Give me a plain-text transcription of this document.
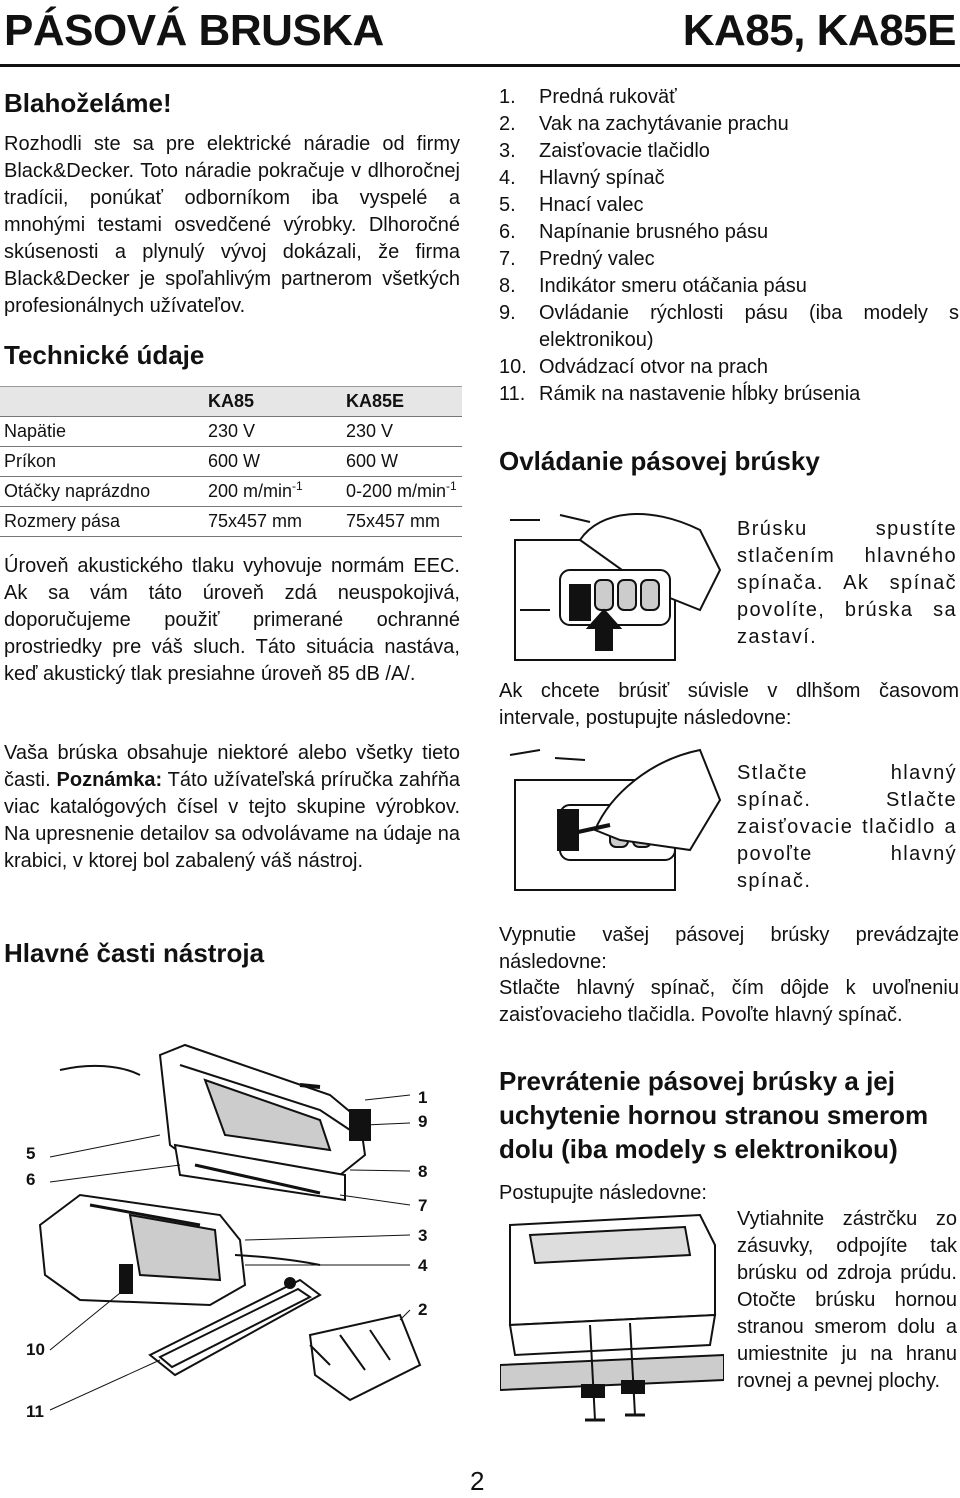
PÁSOVÁ BRUSKA	KA85, KA85E
Blahoželáme!

Rozhodli ste sa pre elektrické náradie od firmy Black&Decker. Toto náradie pokračuje v dlhoročnej tradícii, ponúkať odborníkom iba vyspelé a mnohými testami osvedčené výrobky. Dlhoročné skúsenosti a plynulý vývoj dokázali, že firma Black&Decker je spoľahlivým partnerom všetkých profesionálnych užívateľov.

Technické údaje
	KA85	KA85E
Napätie	230 V	230 V
Príkon	600 W	600 W
Otáčky naprázdno	200 $m/\min^{-1}$	0-200 $m/\min^{-1}$
Rozmery pása	75x457 mm	75x457 mm

Úroveň akustického tlaku vyhovuje normám EEC. Ak sa vám táto úroveň zdá neuspokojivá, doporučujeme použiť primerané ochranné prostriedky pre váš sluch. Táto situácia nastáva, keď akustický tlak presiahne úroveň 85 dB /A/.

Vaša brúska obsahuje niektoré alebo všetky tieto časti. Poznámka: Táto užívateľská príručka zahŕňa viac katalógových čísel v tejto skupine výrobkov. Na upresnenie detailov sa odvolávame na údaje na krabici, v ktorej bol zabalený váš nástroj.

Hlavné časti nástroja
1
9
8
7
3
4
2
5
6
10
11
1. Predná rukoväť
2. Vak na zachytávanie prachu
3. Zaisťovacie tlačidlo
4. Hlavný spínač
5. Hnací valec
6. Napínanie brusného pásu
7. Predný valec
8. Indikátor smeru otáčania pásu
9. Ovládanie rýchlosti pásu (iba modely s elektronikou)
10. Odvádzací otvor na prach
11. Rámik na nastavenie hĺbky brúsenia
Ovládanie pásovej brúsky

Brúsku spustíte stlačením hlavného spínača. Ak spínač povolíte, brúska sa zastaví.

Ak chcete brúsiť súvisle v dlhšom časovom intervale, postupujte následovne:

Stlačte hlavný spínač. Stlačte zaisťovacie tlačidlo a povoľte hlavný spínač.

Vypnutie vašej pásovej brúsky prevádzajte následovne:

Stlačte hlavný spínač, čím dôjde k uvoľneniu zaisťovacieho tlačidla. Povoľte hlavný spínač.

Prevrátenie pásovej brúsky a jej uchytenie hornou stranou smerom dolu (iba modely s elektronikou)

Postupujte následovne:

Vytiahnite zástrčku zo zásuvky, odpojíte tak brúsku od zdroja prúdu. Otočte brúsku hornou stranou smerom dolu a umiestnite ju na hranu rovnej a pevnej plochy.

2
